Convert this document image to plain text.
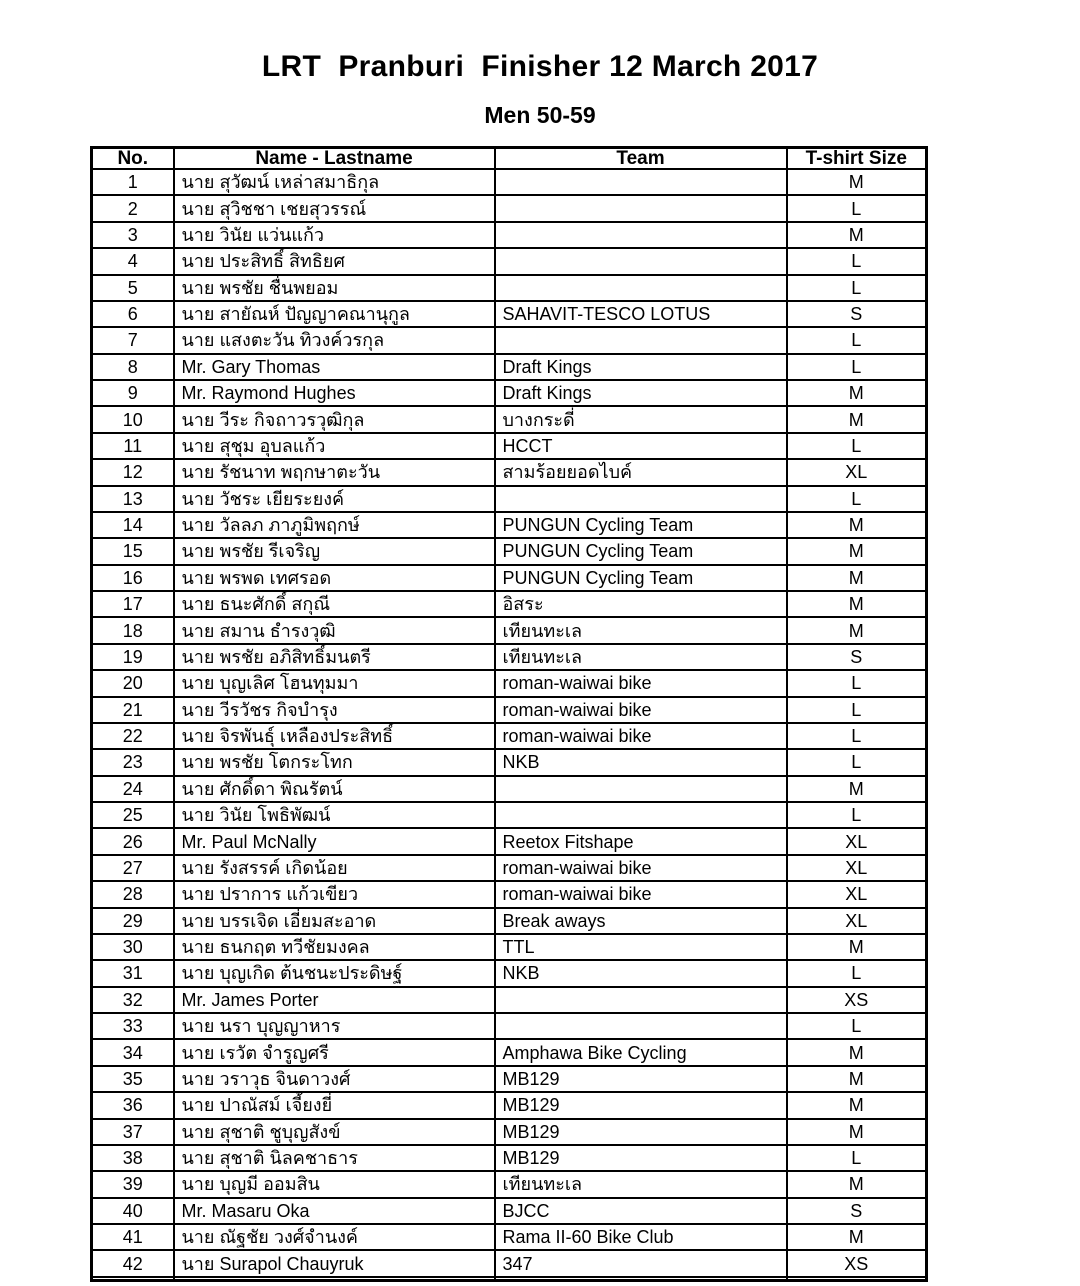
LRT  Pranburi  Finisher 12 March 2017
Men 50-59
No.	Name - Lastname	Team	T-shirt Size
1	นาย สุวัฒน์ เหล่าสมาธิกุล		M
2	นาย สุวิชชา เชยสุวรรณ์		L
3	นาย วินัย แว่นแก้ว		M
4	นาย ประสิทธิ์ สิทธิยศ		L
5	นาย พรชัย ชื่นพยอม		L
6	นาย สายัณห์ ปัญญาคณานุกูล	SAHAVIT-TESCO LOTUS	S
7	นาย แสงตะวัน ทิวงค์วรกุล		L
8	Mr. Gary Thomas	Draft Kings	L
9	Mr. Raymond Hughes	Draft Kings	M
10	นาย วีระ กิจถาวรวุฒิกุล	บางกระดี่	M
11	นาย สุชุม อุบลแก้ว	HCCT	L
12	นาย รัชนาท พฤกษาตะวัน	สามร้อยยอดไบค์	XL
13	นาย วัชระ เยียระยงค์		L
14	นาย วัลลภ ภาภูมิพฤกษ์	PUNGUN Cycling Team	M
15	นาย พรชัย รีเจริญ	PUNGUN Cycling Team	M
16	นาย พรพด เทศรอด	PUNGUN Cycling Team	M
17	นาย ธนะศักดิ์ สกุณี	อิสระ	M
18	นาย สมาน ธำรงวุฒิ	เทียนทะเล	M
19	นาย พรชัย อภิสิทธิ์มนตรี	เทียนทะเล	S
20	นาย บุญเลิศ โฮนทุมมา	roman-waiwai bike	L
21	นาย วีรวัชร กิจบำรุง	roman-waiwai bike	L
22	นาย จิรพันธุ์ เหลืองประสิทธิ์	roman-waiwai bike	L
23	นาย พรชัย โตกระโทก	NKB	L
24	นาย ศักดิ์ดา พิณรัตน์		M
25	นาย วินัย โพธิพัฒน์		L
26	Mr. Paul McNally	Reetox Fitshape	XL
27	นาย รังสรรค์ เกิดน้อย	roman-waiwai bike	XL
28	นาย ปราการ แก้วเขียว	roman-waiwai bike	XL
29	นาย บรรเจิด เอี่ยมสะอาด	Break aways	XL
30	นาย ธนกฤต ทวีชัยมงคล	TTL	M
31	นาย บุญเกิด ต้นชนะประดิษฐ์	NKB	L
32	Mr. James Porter		XS
33	นาย นรา บุญญาหาร		L
34	นาย เรวัต จำรูญศรี	Amphawa Bike Cycling	M
35	นาย วราวุธ จินดาวงศ์	MB129	M
36	นาย ปาณัสม์ เจี้ยงยี่	MB129	M
37	นาย สุชาติ ชูบุญสังข์	MB129	M
38	นาย สุชาติ นิลคชาธาร	MB129	L
39	นาย บุญมี ออมสิน	เทียนทะเล	M
40	Mr. Masaru Oka	BJCC	S
41	นาย ณัฐชัย วงศ์จำนงค์	Rama II-60 Bike Club	M
42	นาย Surapol Chauyruk	347	XS
